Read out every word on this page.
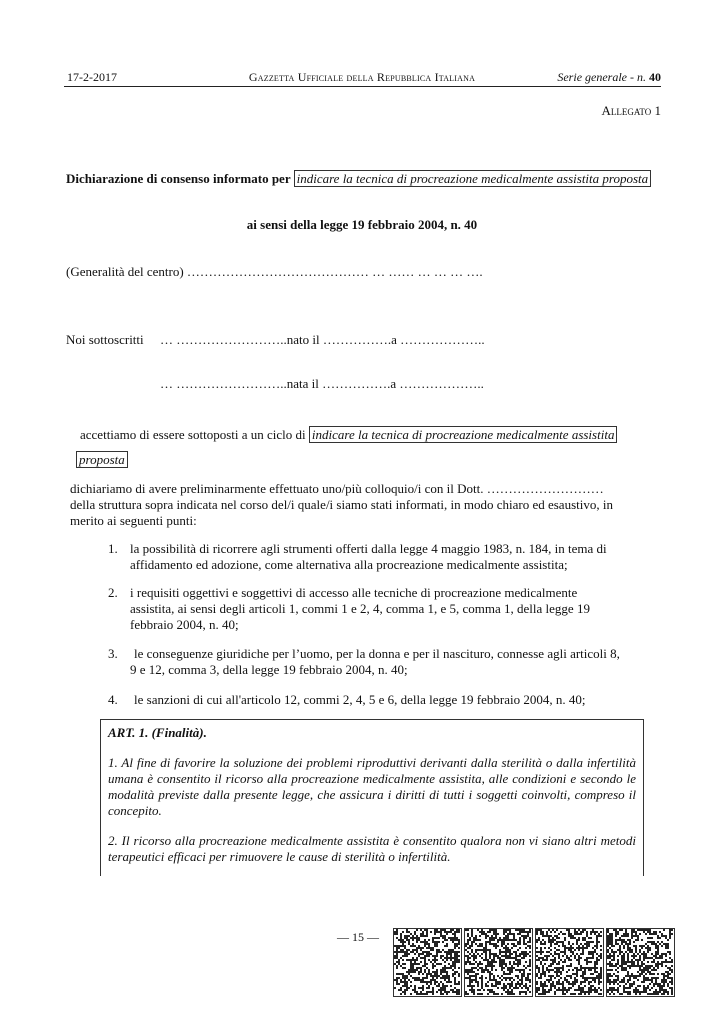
17-2-2017	Gazzetta Ufficiale della Repubblica Italiana	Serie generale - n. 40
Allegato 1
Dichiarazione di consenso informato per indicare la tecnica di procreazione medicalmente assistita proposta
ai sensi della legge 19 febbraio 2004, n. 40
(Generalità del centro) …………………………………… … …… … … … ….
Noi sottoscritti … ……………………..nato il …………….a ………………..
… ……………………..nata il …………….a ………………..
accettiamo di essere sottoposti a un ciclo di indicare la tecnica di procreazione medicalmente assistita
proposta
dichiariamo di avere preliminarmente effettuato uno/più colloquio/i con il Dott. ………………………
della struttura sopra indicata nel corso del/i quale/i siamo stati informati, in modo chiaro ed esaustivo, in
merito ai seguenti punti:
1. la possibilità di ricorrere agli strumenti offerti dalla legge 4 maggio 1983, n. 184, in tema di
affidamento ed adozione, come alternativa alla procreazione medicalmente assistita;
2. i requisiti oggettivi e soggettivi di accesso alle tecniche di procreazione medicalmente
assistita, ai sensi degli articoli 1, commi 1 e 2, 4, comma 1, e 5, comma 1, della legge 19
febbraio 2004, n. 40;
3.	le conseguenze giuridiche per l’uomo, per la donna e per il nascituro, connesse agli articoli 8,
9 e 12, comma 3, della legge 19 febbraio 2004, n. 40;
4.	le sanzioni di cui all'articolo 12, commi 2, 4, 5 e 6, della legge 19 febbraio 2004, n. 40;

ART. 1. (Finalità).

1. Al fine di favorire la soluzione dei problemi riproduttivi derivanti dalla sterilità o dalla infertilità umana è consentito il ricorso alla procreazione medicalmente assistita, alle condizioni e secondo le modalità previste dalla presente legge, che assicura i diritti di tutti i soggetti coinvolti, compreso il concepito.

2. Il ricorso alla procreazione medicalmente assistita è consentito qualora non vi siano altri metodi terapeutici efficaci per rimuovere le cause di sterilità o infertilità.

— 15 —
